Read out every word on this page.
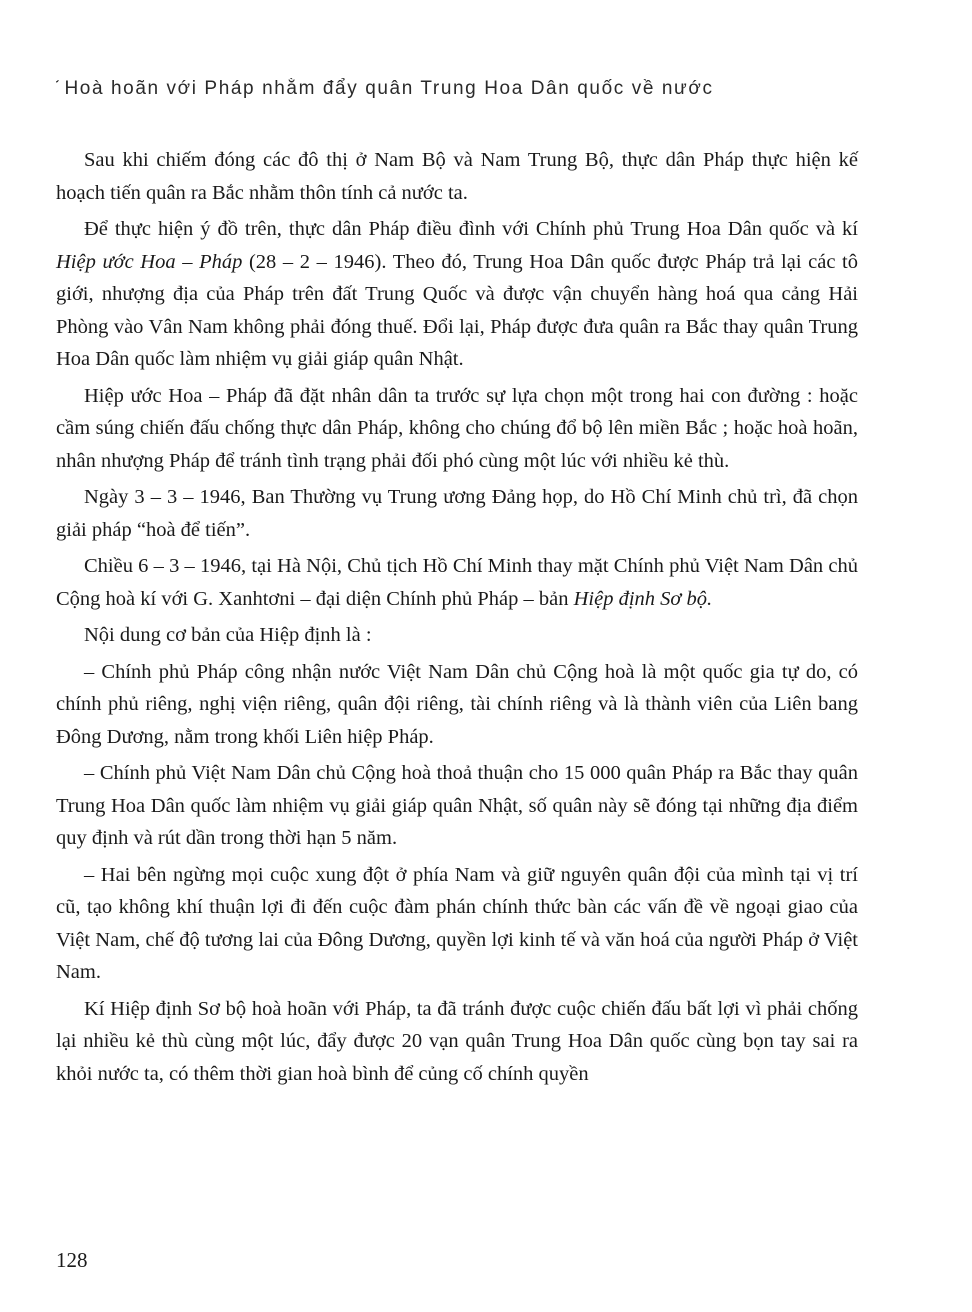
̆ Hoà hoãn với Pháp nhằm đẩy quân Trung Hoa Dân quốc về nước

Sau khi chiếm đóng các đô thị ở Nam Bộ và Nam Trung Bộ, thực dân Pháp thực hiện kế hoạch tiến quân ra Bắc nhằm thôn tính cả nước ta.

Để thực hiện ý đồ trên, thực dân Pháp điều đình với Chính phủ Trung Hoa Dân quốc và kí Hiệp ước Hoa – Pháp (28 – 2 – 1946). Theo đó, Trung Hoa Dân quốc được Pháp trả lại các tô giới, nhượng địa của Pháp trên đất Trung Quốc và được vận chuyển hàng hoá qua cảng Hải Phòng vào Vân Nam không phải đóng thuế. Đổi lại, Pháp được đưa quân ra Bắc thay quân Trung Hoa Dân quốc làm nhiệm vụ giải giáp quân Nhật.

Hiệp ước Hoa – Pháp đã đặt nhân dân ta trước sự lựa chọn một trong hai con đường : hoặc cầm súng chiến đấu chống thực dân Pháp, không cho chúng đổ bộ lên miền Bắc ; hoặc hoà hoãn, nhân nhượng Pháp để tránh tình trạng phải đối phó cùng một lúc với nhiều kẻ thù.

Ngày 3 – 3 – 1946, Ban Thường vụ Trung ương Đảng họp, do Hồ Chí Minh chủ trì, đã chọn giải pháp “hoà để tiến”.

Chiều 6 – 3 – 1946, tại Hà Nội, Chủ tịch Hồ Chí Minh thay mặt Chính phủ Việt Nam Dân chủ Cộng hoà kí với G. Xanhtơni – đại diện Chính phủ Pháp – bản Hiệp định Sơ bộ.

Nội dung cơ bản của Hiệp định là :

– Chính phủ Pháp công nhận nước Việt Nam Dân chủ Cộng hoà là một quốc gia tự do, có chính phủ riêng, nghị viện riêng, quân đội riêng, tài chính riêng và là thành viên của Liên bang Đông Dương, nằm trong khối Liên hiệp Pháp.

– Chính phủ Việt Nam Dân chủ Cộng hoà thoả thuận cho 15 000 quân Pháp ra Bắc thay quân Trung Hoa Dân quốc làm nhiệm vụ giải giáp quân Nhật, số quân này sẽ đóng tại những địa điểm quy định và rút dần trong thời hạn 5 năm.

– Hai bên ngừng mọi cuộc xung đột ở phía Nam và giữ nguyên quân đội của mình tại vị trí cũ, tạo không khí thuận lợi đi đến cuộc đàm phán chính thức bàn các vấn đề về ngoại giao của Việt Nam, chế độ tương lai của Đông Dương, quyền lợi kinh tế và văn hoá của người Pháp ở Việt Nam.

Kí Hiệp định Sơ bộ hoà hoãn với Pháp, ta đã tránh được cuộc chiến đấu bất lợi vì phải chống lại nhiều kẻ thù cùng một lúc, đẩy được 20 vạn quân Trung Hoa Dân quốc cùng bọn tay sai ra khỏi nước ta, có thêm thời gian hoà bình để củng cố chính quyền

128
